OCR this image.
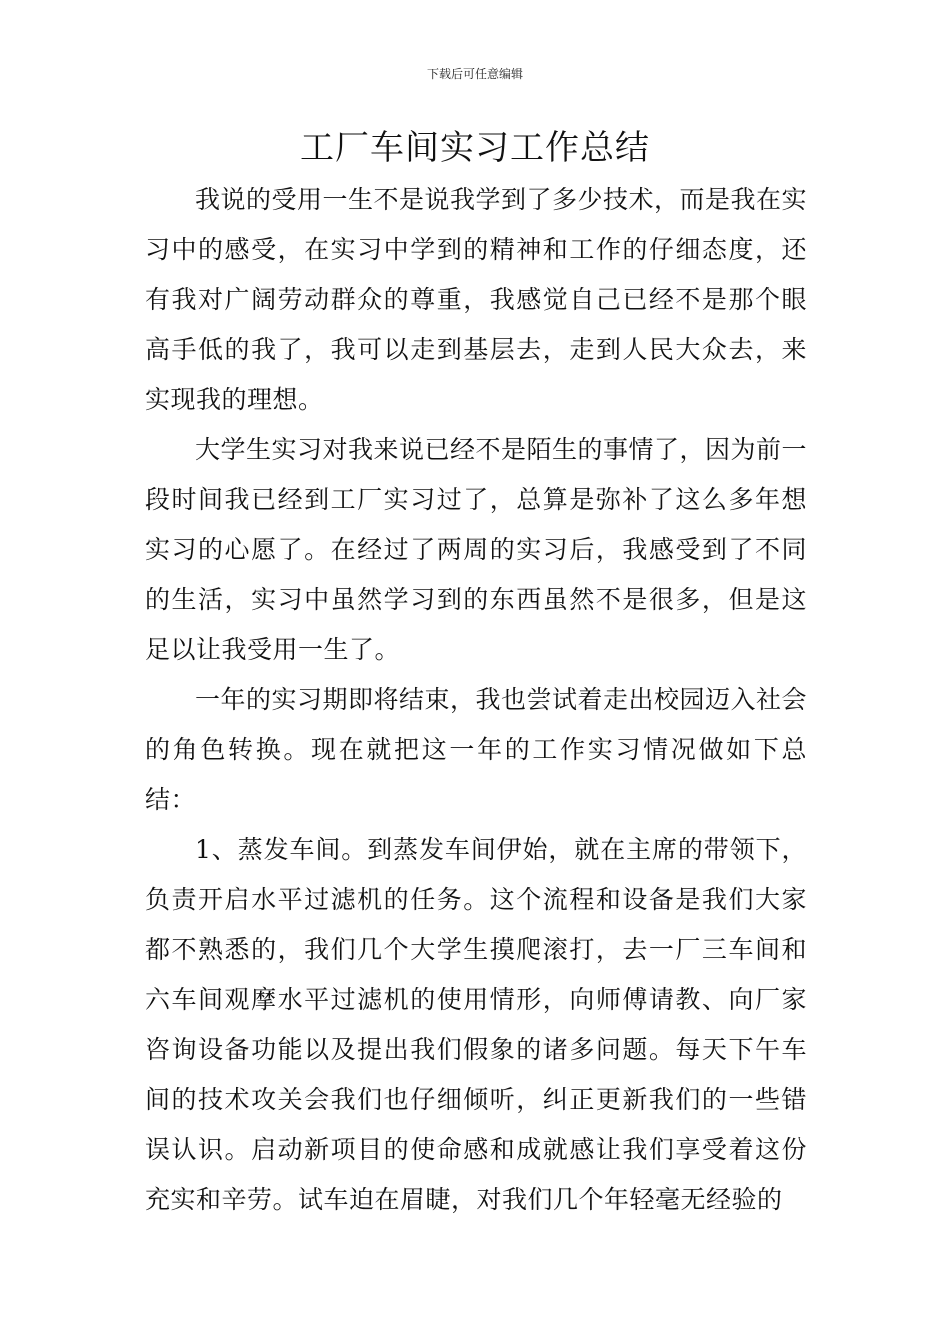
下载后可任意编辑
工厂车间实习工作总结

我说的受用一生不是说我学到了多少技术，而是我在实习中的感受，在实习中学到的精神和工作的仔细态度，还有我对广阔劳动群众的尊重，我感觉自己已经不是那个眼高手低的我了，我可以走到基层去，走到人民大众去，来实现我的理想。

大学生实习对我来说已经不是陌生的事情了，因为前一段时间我已经到工厂实习过了，总算是弥补了这么多年想实习的心愿了。在经过了两周的实习后，我感受到了不同的生活，实习中虽然学习到的东西虽然不是很多，但是这足以让我受用一生了。

一年的实习期即将结束，我也尝试着走出校园迈入社会的角色转换。现在就把这一年的工作实习情况做如下总结：

1、蒸发车间。到蒸发车间伊始，就在主席的带领下，负责开启水平过滤机的任务。这个流程和设备是我们大家都不熟悉的，我们几个大学生摸爬滚打，去一厂三车间和六车间观摩水平过滤机的使用情形，向师傅请教、向厂家咨询设备功能以及提出我们假象的诸多问题。每天下午车间的技术攻关会我们也仔细倾听，纠正更新我们的一些错误认识。启动新项目的使命感和成就感让我们享受着这份充实和辛劳。试车迫在眉睫，对我们几个年轻毫无经验的
